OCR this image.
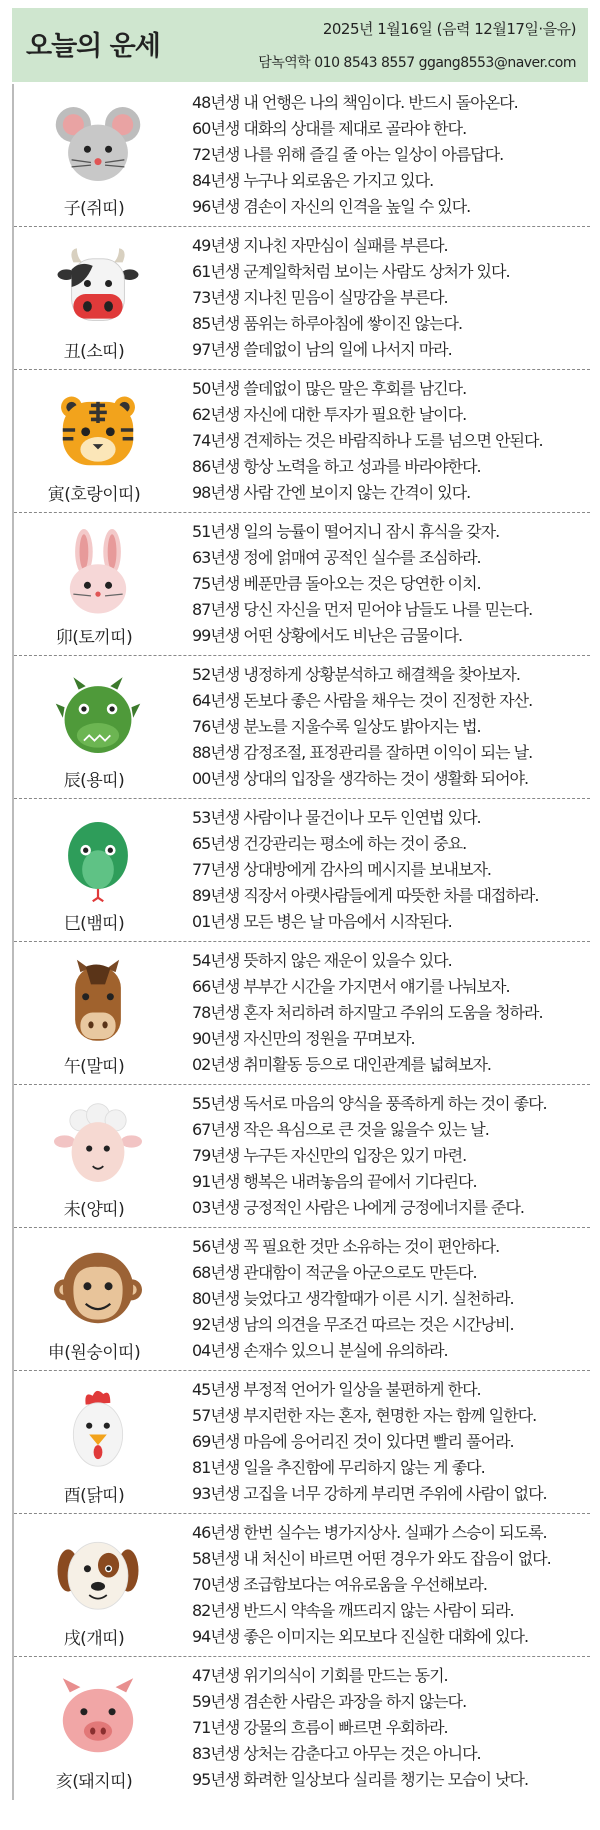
오늘의 운세
2025년 1월16일 (음력 12월17일·을유)
담녹역학 010 8543 8557 ggang8553@naver.com
子(쥐띠)
48년생 내 언행은 나의 책임이다. 반드시 돌아온다.
60년생 대화의 상대를 제대로 골라야 한다.
72년생 나를 위해 즐길 줄 아는 일상이 아름답다.
84년생 누구나 외로움은 가지고 있다.
96년생 겸손이 자신의 인격을 높일 수 있다.
丑(소띠)
49년생 지나친 자만심이 실패를 부른다.
61년생 군계일학처럼 보이는 사람도 상처가 있다.
73년생 지나친 믿음이 실망감을 부른다.
85년생 품위는 하루아침에 쌓이진 않는다.
97년생 쓸데없이 남의 일에 나서지 마라.
寅(호랑이띠)
50년생 쓸데없이 많은 말은 후회를 남긴다.
62년생 자신에 대한 투자가 필요한 날이다.
74년생 견제하는 것은 바람직하나 도를 넘으면 안된다.
86년생 항상 노력을 하고 성과를 바라야한다.
98년생 사람 간엔 보이지 않는 간격이 있다.
卯(토끼띠)
51년생 일의 능률이 떨어지니 잠시 휴식을 갖자.
63년생 정에 얽매여 공적인 실수를 조심하라.
75년생 베푼만큼 돌아오는 것은 당연한 이치.
87년생 당신 자신을 먼저 믿어야 남들도 나를 믿는다.
99년생 어떤 상황에서도 비난은 금물이다.
辰(용띠)
52년생 냉정하게 상황분석하고 해결책을 찾아보자.
64년생 돈보다 좋은 사람을 채우는 것이 진정한 자산.
76년생 분노를 지울수록 일상도 밝아지는 법.
88년생 감정조절, 표정관리를 잘하면 이익이 되는 날.
00년생 상대의 입장을 생각하는 것이 생활화 되어야.
巳(뱀띠)
53년생 사람이나 물건이나 모두 인연법 있다.
65년생 건강관리는 평소에 하는 것이 중요.
77년생 상대방에게 감사의 메시지를 보내보자.
89년생 직장서 아랫사람들에게 따뜻한 차를 대접하라.
01년생 모든 병은 날 마음에서 시작된다.
午(말띠)
54년생 뜻하지 않은 재운이 있을수 있다.
66년생 부부간 시간을 가지면서 얘기를 나눠보자.
78년생 혼자 처리하려 하지말고 주위의 도움을 청하라.
90년생 자신만의 정원을 꾸며보자.
02년생 취미활동 등으로 대인관계를 넓혀보자.
未(양띠)
55년생 독서로 마음의 양식을 풍족하게 하는 것이 좋다.
67년생 작은 욕심으로 큰 것을 잃을수 있는 날.
79년생 누구든 자신만의 입장은 있기 마련.
91년생 행복은 내려놓음의 끝에서 기다린다.
03년생 긍정적인 사람은 나에게 긍정에너지를 준다.
申(원숭이띠)
56년생 꼭 필요한 것만 소유하는 것이 편안하다.
68년생 관대함이 적군을 아군으로도 만든다.
80년생 늦었다고 생각할때가 이른 시기. 실천하라.
92년생 남의 의견을 무조건 따르는 것은 시간낭비.
04년생 손재수 있으니 분실에 유의하라.
酉(닭띠)
45년생 부정적 언어가 일상을 불편하게 한다.
57년생 부지런한 자는 혼자, 현명한 자는 함께 일한다.
69년생 마음에 응어리진 것이 있다면 빨리 풀어라.
81년생 일을 추진함에 무리하지 않는 게 좋다.
93년생 고집을 너무 강하게 부리면 주위에 사람이 없다.
戌(개띠)
46년생 한번 실수는 병가지상사. 실패가 스승이 되도록.
58년생 내 처신이 바르면 어떤 경우가 와도 잡음이 없다.
70년생 조급함보다는 여유로움을 우선해보라.
82년생 반드시 약속을 깨뜨리지 않는 사람이 되라.
94년생 좋은 이미지는 외모보다 진실한 대화에 있다.
亥(돼지띠)
47년생 위기의식이 기회를 만드는 동기.
59년생 겸손한 사람은 과장을 하지 않는다.
71년생 강물의 흐름이 빠르면 우회하라.
83년생 상처는 감춘다고 아무는 것은 아니다.
95년생 화려한 일상보다 실리를 챙기는 모습이 낫다.
